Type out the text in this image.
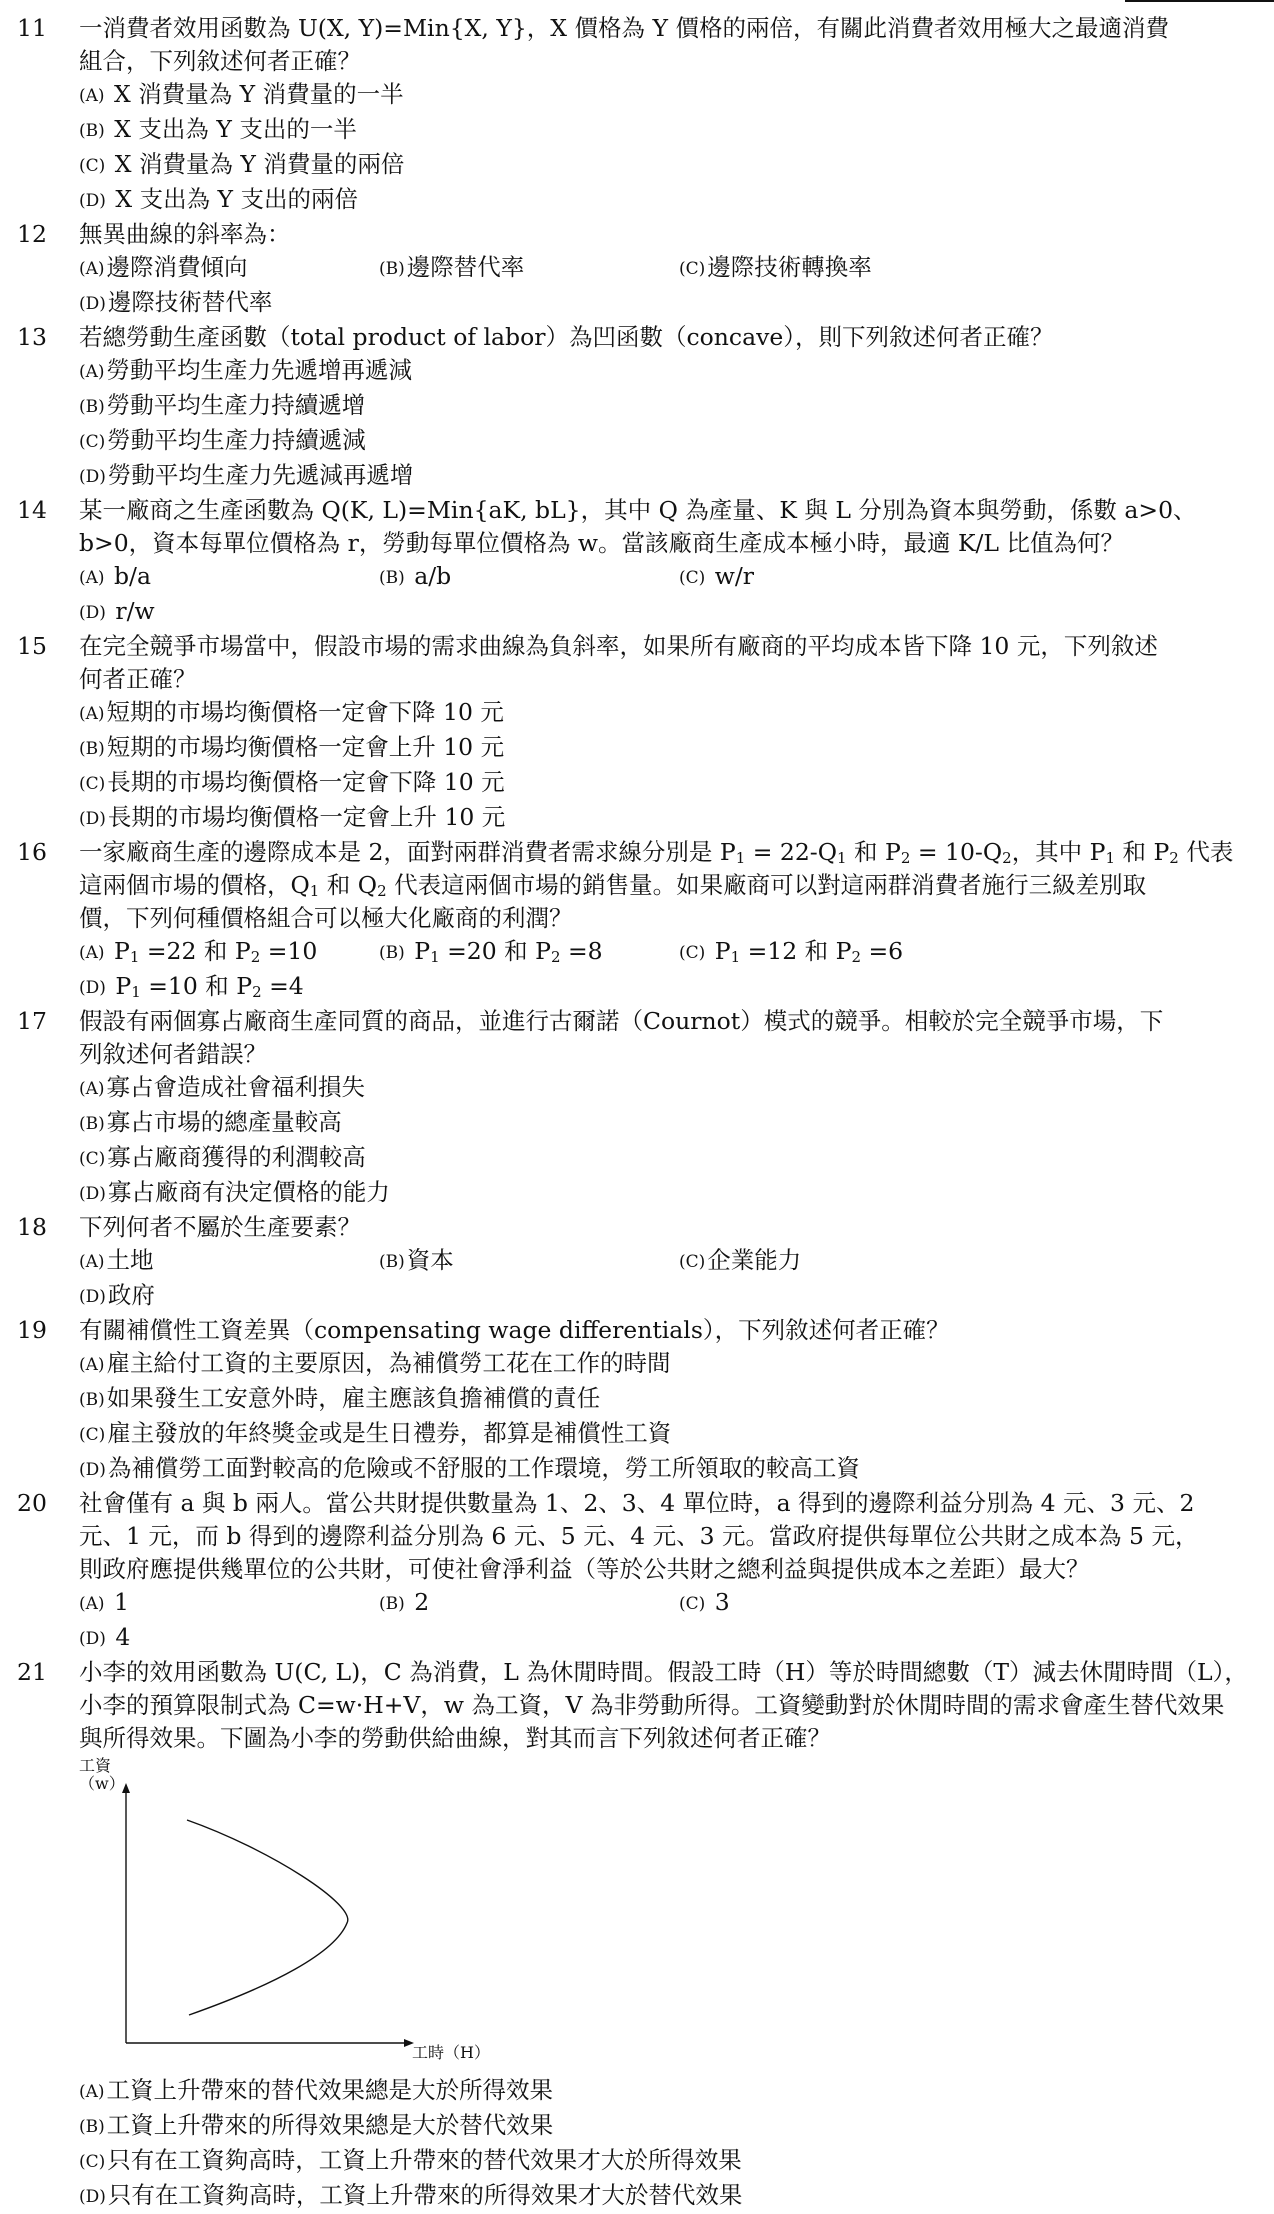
11	一消費者效用函數為 U(X, Y)=Min{X, Y}，X 價格為 Y 價格的兩倍，有關此消費者效用極大之最適消費
組合，下列敘述何者正確？
(A) X 消費量為 Y 消費量的一半
(B) X 支出為 Y 支出的一半
(C) X 消費量為 Y 消費量的兩倍
(D) X 支出為 Y 支出的兩倍
12	無異曲線的斜率為：
(A)邊際消費傾向	(B)邊際替代率	(C)邊際技術轉換率
(D)邊際技術替代率
13	若總勞動生產函數（total product of labor）為凹函數（concave），則下列敘述何者正確？
(A)勞動平均生產力先遞增再遞減
(B)勞動平均生產力持續遞增
(C)勞動平均生產力持續遞減
(D)勞動平均生產力先遞減再遞增
14	某一廠商之生產函數為 Q(K, L)=Min{aK, bL}，其中 Q 為產量、K 與 L 分別為資本與勞動，係數 a>0、
b>0，資本每單位價格為 r，勞動每單位價格為 w。當該廠商生產成本極小時，最適 K/L 比值為何？
(A) b/a	(B) a/b	(C) w/r
(D) r/w
15	在完全競爭市場當中，假設市場的需求曲線為負斜率，如果所有廠商的平均成本皆下降 10 元，下列敘述
何者正確？
(A)短期的市場均衡價格一定會下降 10 元
(B)短期的市場均衡價格一定會上升 10 元
(C)長期的市場均衡價格一定會下降 10 元
(D)長期的市場均衡價格一定會上升 10 元
16	一家廠商生產的邊際成本是 2，面對兩群消費者需求線分別是 $P_1 = 22-Q_1$ 和 $P_2 = 10-Q_2$，其中 $P_1$ 和 $P_2$ 代表
這兩個市場的價格，$Q_1$ 和 $Q_2$ 代表這兩個市場的銷售量。如果廠商可以對這兩群消費者施行三級差別取
價，下列何種價格組合可以極大化廠商的利潤？
(A) $P_1 =22$ 和 $P_2 =10$	(B) $P_1 =20$ 和 $P_2 =8$	(C) $P_1 =12$ 和 $P_2 =6$
(D) $P_1 =10$ 和 $P_2 =4$
17	假設有兩個寡占廠商生產同質的商品，並進行古爾諾（Cournot）模式的競爭。相較於完全競爭市場，下
列敘述何者錯誤？
(A)寡占會造成社會福利損失
(B)寡占市場的總產量較高
(C)寡占廠商獲得的利潤較高
(D)寡占廠商有決定價格的能力
18	下列何者不屬於生產要素？
(A)土地	(B)資本	(C)企業能力
(D)政府
19	有關補償性工資差異（compensating wage differentials），下列敘述何者正確？
(A)雇主給付工資的主要原因，為補償勞工花在工作的時間
(B)如果發生工安意外時，雇主應該負擔補償的責任
(C)雇主發放的年終獎金或是生日禮券，都算是補償性工資
(D)為補償勞工面對較高的危險或不舒服的工作環境，勞工所領取的較高工資
20	社會僅有 a 與 b 兩人。當公共財提供數量為 1、2、3、4 單位時，a 得到的邊際利益分別為 4 元、3 元、2
元、1 元，而 b 得到的邊際利益分別為 6 元、5 元、4 元、3 元。當政府提供每單位公共財之成本為 5 元，
則政府應提供幾單位的公共財，可使社會淨利益（等於公共財之總利益與提供成本之差距）最大？
(A) 1	(B) 2	(C) 3
(D) 4
21	小李的效用函數為 U(C, L)，C 為消費，L 為休閒時間。假設工時（H）等於時間總數（T）減去休閒時間（L），
小李的預算限制式為 C=w·H+V，w 為工資，V 為非勞動所得。工資變動對於休閒時間的需求會產生替代效果
與所得效果。下圖為小李的勞動供給曲線，對其而言下列敘述何者正確？
工資
（w）
工時（H）
(A)工資上升帶來的替代效果總是大於所得效果
(B)工資上升帶來的所得效果總是大於替代效果
(C)只有在工資夠高時，工資上升帶來的替代效果才大於所得效果
(D)只有在工資夠高時，工資上升帶來的所得效果才大於替代效果
